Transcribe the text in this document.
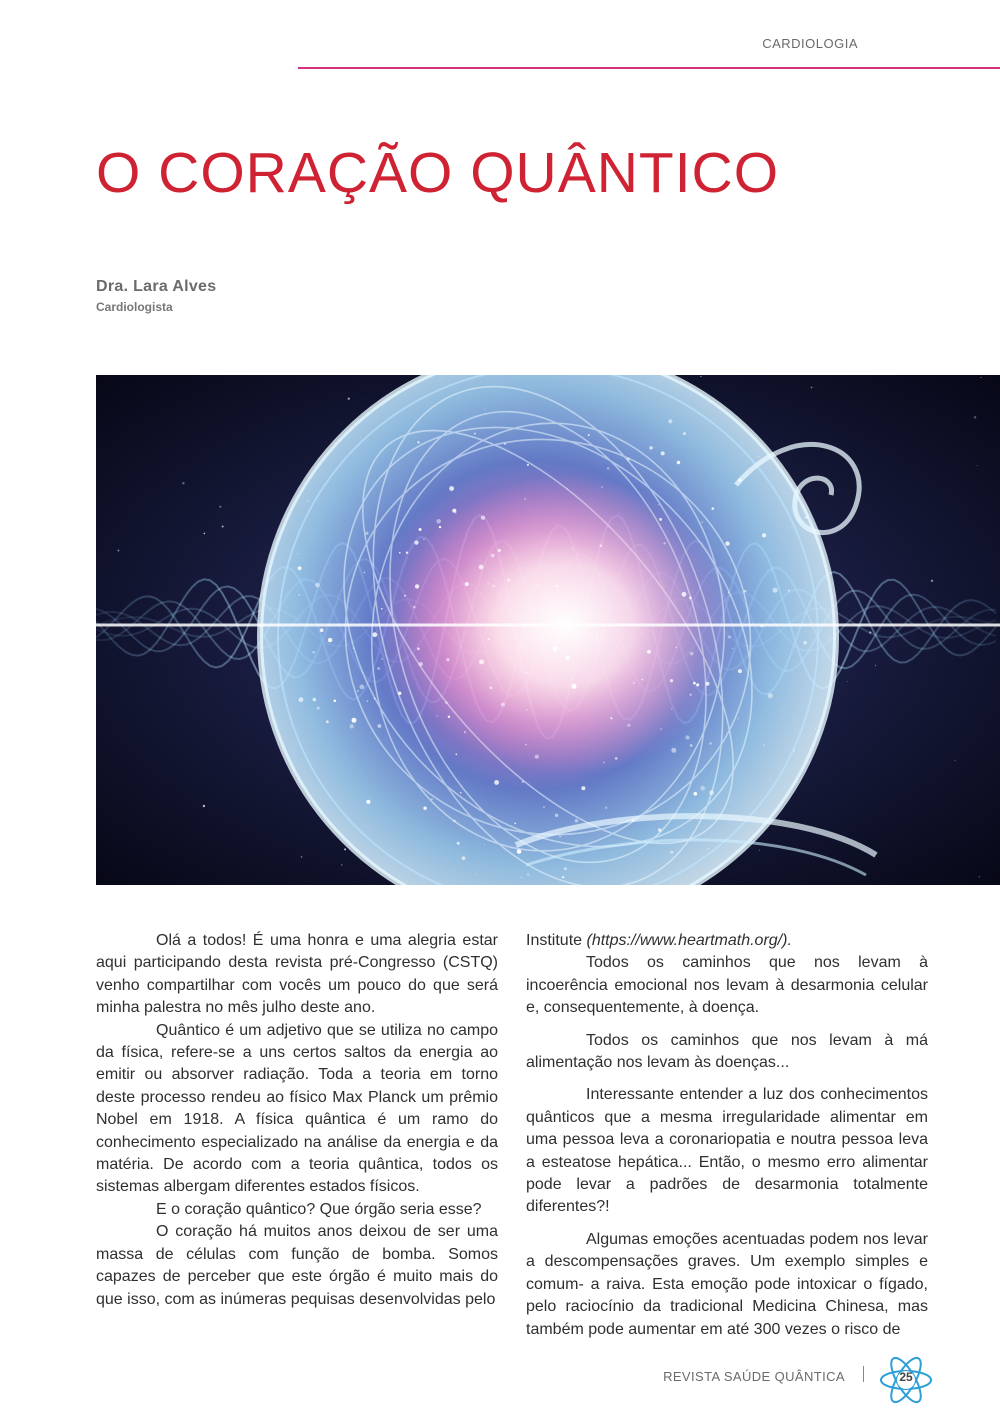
CARDIOLOGIA
O CORAÇÃO QUÂNTICO
Dra. Lara Alves
Cardiologista

Olá a todos! É uma honra e uma alegria estar aqui participando desta revista pré-Congresso (CSTQ) venho compartilhar com vocês um pouco do que será minha palestra no mês julho deste ano.

Quântico é um adjetivo que se utiliza no campo da física, refere-se a uns certos saltos da energia ao emitir ou absorver radiação. Toda a teoria em torno deste processo rendeu ao físico Max Planck um prêmio Nobel em 1918. A física quântica é um ramo do conhecimento especializado na análise da energia e da matéria. De acordo com a teoria quântica, todos os sistemas albergam diferentes estados físicos.

E o coração quântico? Que órgão seria esse?

O coração há muitos anos deixou de ser uma massa de células com função de bomba. Somos capazes de perceber que este órgão é muito mais do que isso, com as inúmeras pequisas desenvolvidas pelo

Institute (https://www.heartmath.org/).

Todos os caminhos que nos levam à incoerência emocional nos levam à desarmonia celular e, consequentemente, à doença.

Todos os caminhos que nos levam à má alimentação nos levam às doenças...

Interessante entender a luz dos conhecimentos quânticos que a mesma irregularidade alimentar em uma pessoa leva a coronariopatia e noutra pessoa leva a esteatose hepática... Então, o mesmo erro alimentar pode levar a padrões de desarmonia totalmente diferentes?!

Algumas emoções acentuadas podem nos levar a descompensações graves. Um exemplo simples e comum- a raiva. Esta emoção pode intoxicar o fígado, pelo raciocínio da tradicional Medicina Chinesa, mas também pode aumentar em até 300 vezes o risco de

REVISTA SAÚDE QUÂNTICA	25
